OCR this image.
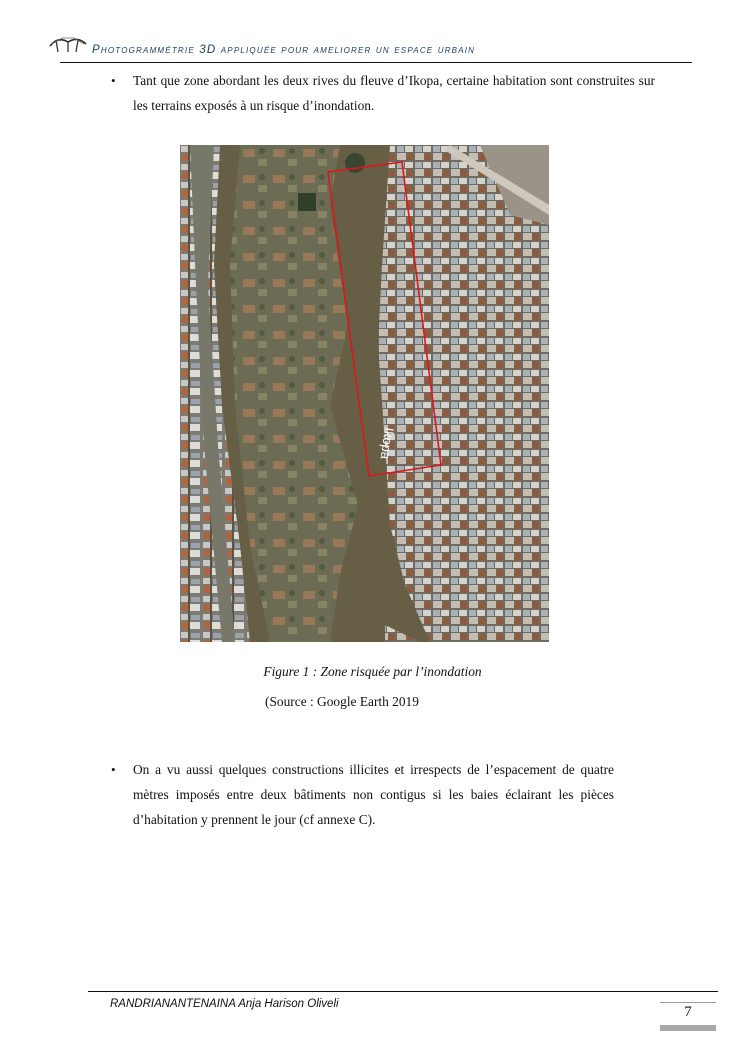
Photogrammétrie 3D appliquée pour ameliorer un espace urbain
• Tant que zone abordant les deux rives du fleuve d’Ikopa, certaine habitation sont construites sur les terrains exposés à un risque d’inondation.
Ikopa
Figure 1 : Zone risquée par l’inondation
(Source : Google Earth 2019
• On a vu aussi quelques constructions illicites et irrespects de l’espacement de quatre mètres imposés entre deux bâtiments non contigus si les baies éclairant les pièces d’habitation y prennent le jour (cf annexe C).
RANDRIANANTENAINA Anja Harison Oliveli	7
